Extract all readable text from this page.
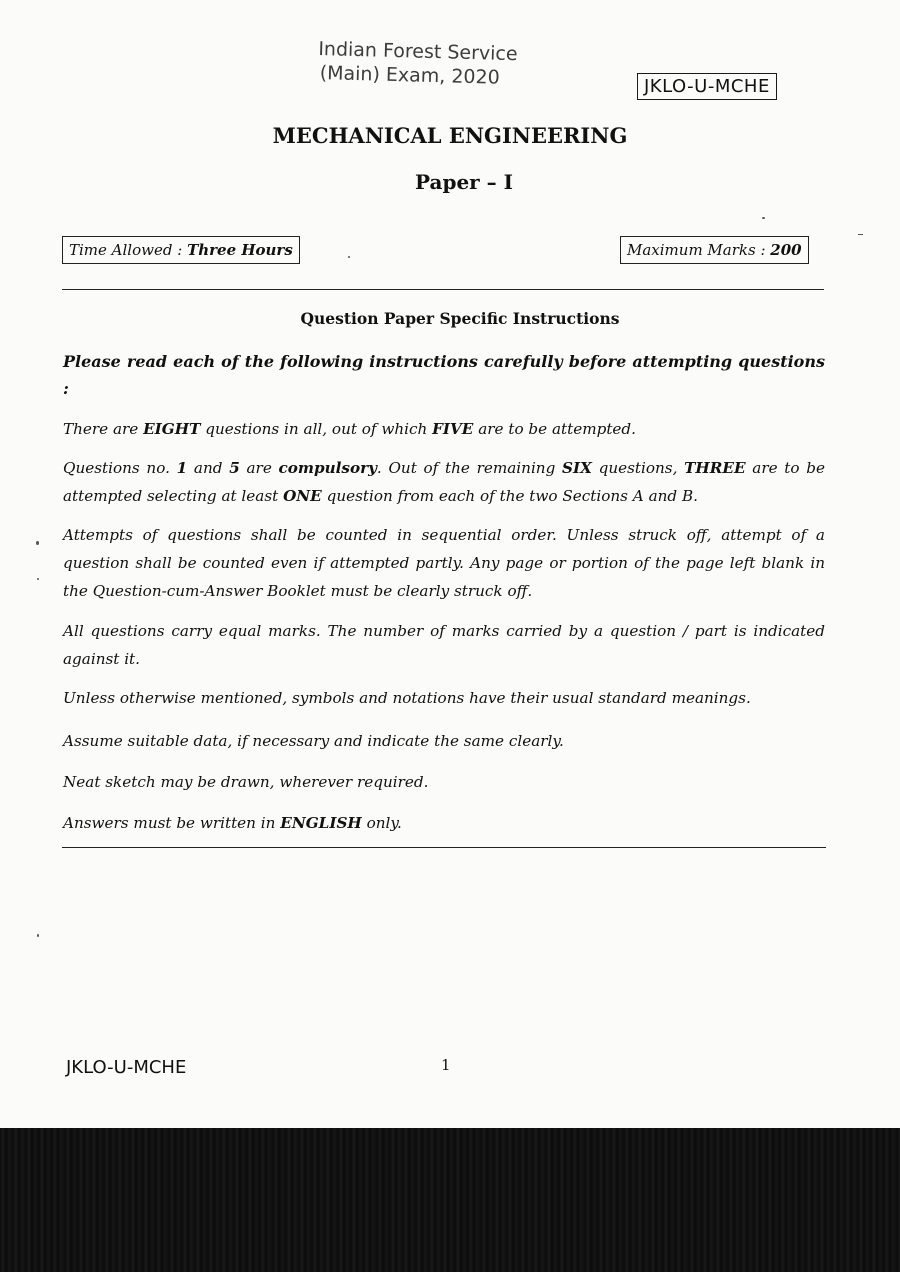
Indian Forest Service
(Main) Exam, 2020	JKLO-U-MCHE
MECHANICAL ENGINEERING
Paper – I
Time Allowed : Three Hours	Maximum Marks : 200
Question Paper Specific Instructions
Please read each of the following instructions carefully before attempting questions :
There are EIGHT questions in all, out of which FIVE are to be attempted.
Questions no. 1 and 5 are compulsory. Out of the remaining SIX questions, THREE are to be attempted selecting at least ONE question from each of the two Sections A and B.
Attempts of questions shall be counted in sequential order. Unless struck off, attempt of a question shall be counted even if attempted partly. Any page or portion of the page left blank in the Question-cum-Answer Booklet must be clearly struck off.
All questions carry equal marks. The number of marks carried by a question / part is indicated against it.
Unless otherwise mentioned, symbols and notations have their usual standard meanings.
Assume suitable data, if necessary and indicate the same clearly.
Neat sketch may be drawn, wherever required.
Answers must be written in ENGLISH only.
JKLO-U-MCHE	1
